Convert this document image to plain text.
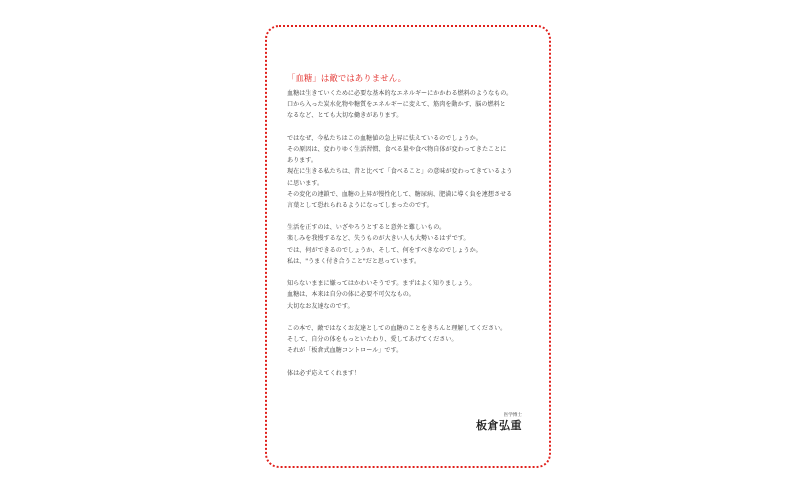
「血糖」は敵ではありません。
血糖は生きていくために必要な基本的なエネルギーにかかわる燃料のようなもの。
口から入った炭水化物や糖質をエネルギーに変えて、筋肉を動かす、脳の燃料と
なるなど、とても大切な働きがあります。
ではなぜ、今私たちはこの血糖値の急上昇に怯えているのでしょうか。
その原因は、変わりゆく生活習慣、食べる量や食べ物自体が変わってきたことに
あります。
現在に生きる私たちは、昔と比べて「食べること」の意味が変わってきているよう
に思います。
その変化の連鎖で、血糖の上昇が慢性化して、糖尿病、肥満に導く負を連想させる
言葉として恐れられるようになってしまったのです。
生活を正すのは、いざやろうとすると意外と難しいもの。
楽しみを我慢するなど、失うものが大きい人も大勢いるはずです。
では、何ができるのでしょうか、そして、何をすべきなのでしょうか。
私は、"うまく付き合うこと"だと思っています。
知らないままに嫌ってはかわいそうです。まずはよく知りましょう。
血糖は、本来は自分の体に必要不可欠なもの。
大切なお友達なのです。
この本で、敵ではなくお友達としての血糖のことをきちんと理解してください。
そして、自分の体をもっといたわり、愛してあげてください。
それが「板倉式血糖コントロール」です。
体は必ず応えてくれます！
医学博士
板倉弘重
